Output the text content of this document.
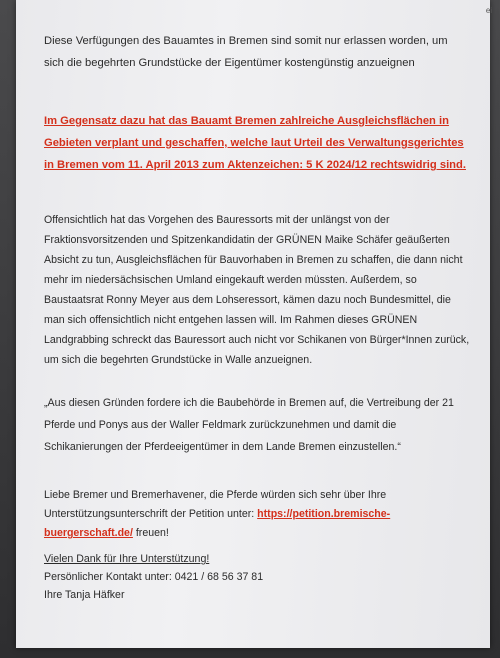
Diese Verfügungen des Bauamtes in Bremen sind somit nur erlassen worden, um sich die begehrten Grundstücke der Eigentümer kostengünstig anzueignen

Im Gegensatz dazu hat das Bauamt Bremen zahlreiche Ausgleichsflächen in Gebieten verplant und geschaffen, welche laut Urteil des Verwaltungsgerichtes in Bremen vom 11. April 2013 zum Aktenzeichen: 5 K 2024/12 rechtswidrig sind.

Offensichtlich hat das Vorgehen des Bauressorts mit der unlängst von der Fraktionsvorsitzenden und Spitzenkandidatin der GRÜNEN Maike Schäfer geäußerten Absicht zu tun, Ausgleichsflächen für Bauvorhaben in Bremen zu schaffen, die dann nicht mehr im niedersächsischen Umland eingekauft werden müssten. Außerdem, so Baustaatsrat Ronny Meyer aus dem Lohseressort, kämen dazu noch Bundesmittel, die man sich offensichtlich nicht entgehen lassen will. Im Rahmen dieses GRÜNEN Landgrabbing schreckt das Bauressort auch nicht vor Schikanen von Bürger*Innen zurück, um sich die begehrten Grundstücke in Walle anzueignen.

„Aus diesen Gründen fordere ich die Baubehörde in Bremen auf, die Vertreibung der 21 Pferde und Ponys aus der Waller Feldmark zurückzunehmen und damit die Schikanierungen der Pferdeeigentümer in dem Lande Bremen einzustellen.“

Liebe Bremer und Bremerhavener, die Pferde würden sich sehr über Ihre Unterstützungsunterschrift der Petition unter: https://petition.bremische-buergerschaft.de/ freuen!

Vielen Dank für Ihre Unterstützung!
Persönlicher Kontakt unter: 0421 / 68 56 37 81
Ihre Tanja Häfker
ei
